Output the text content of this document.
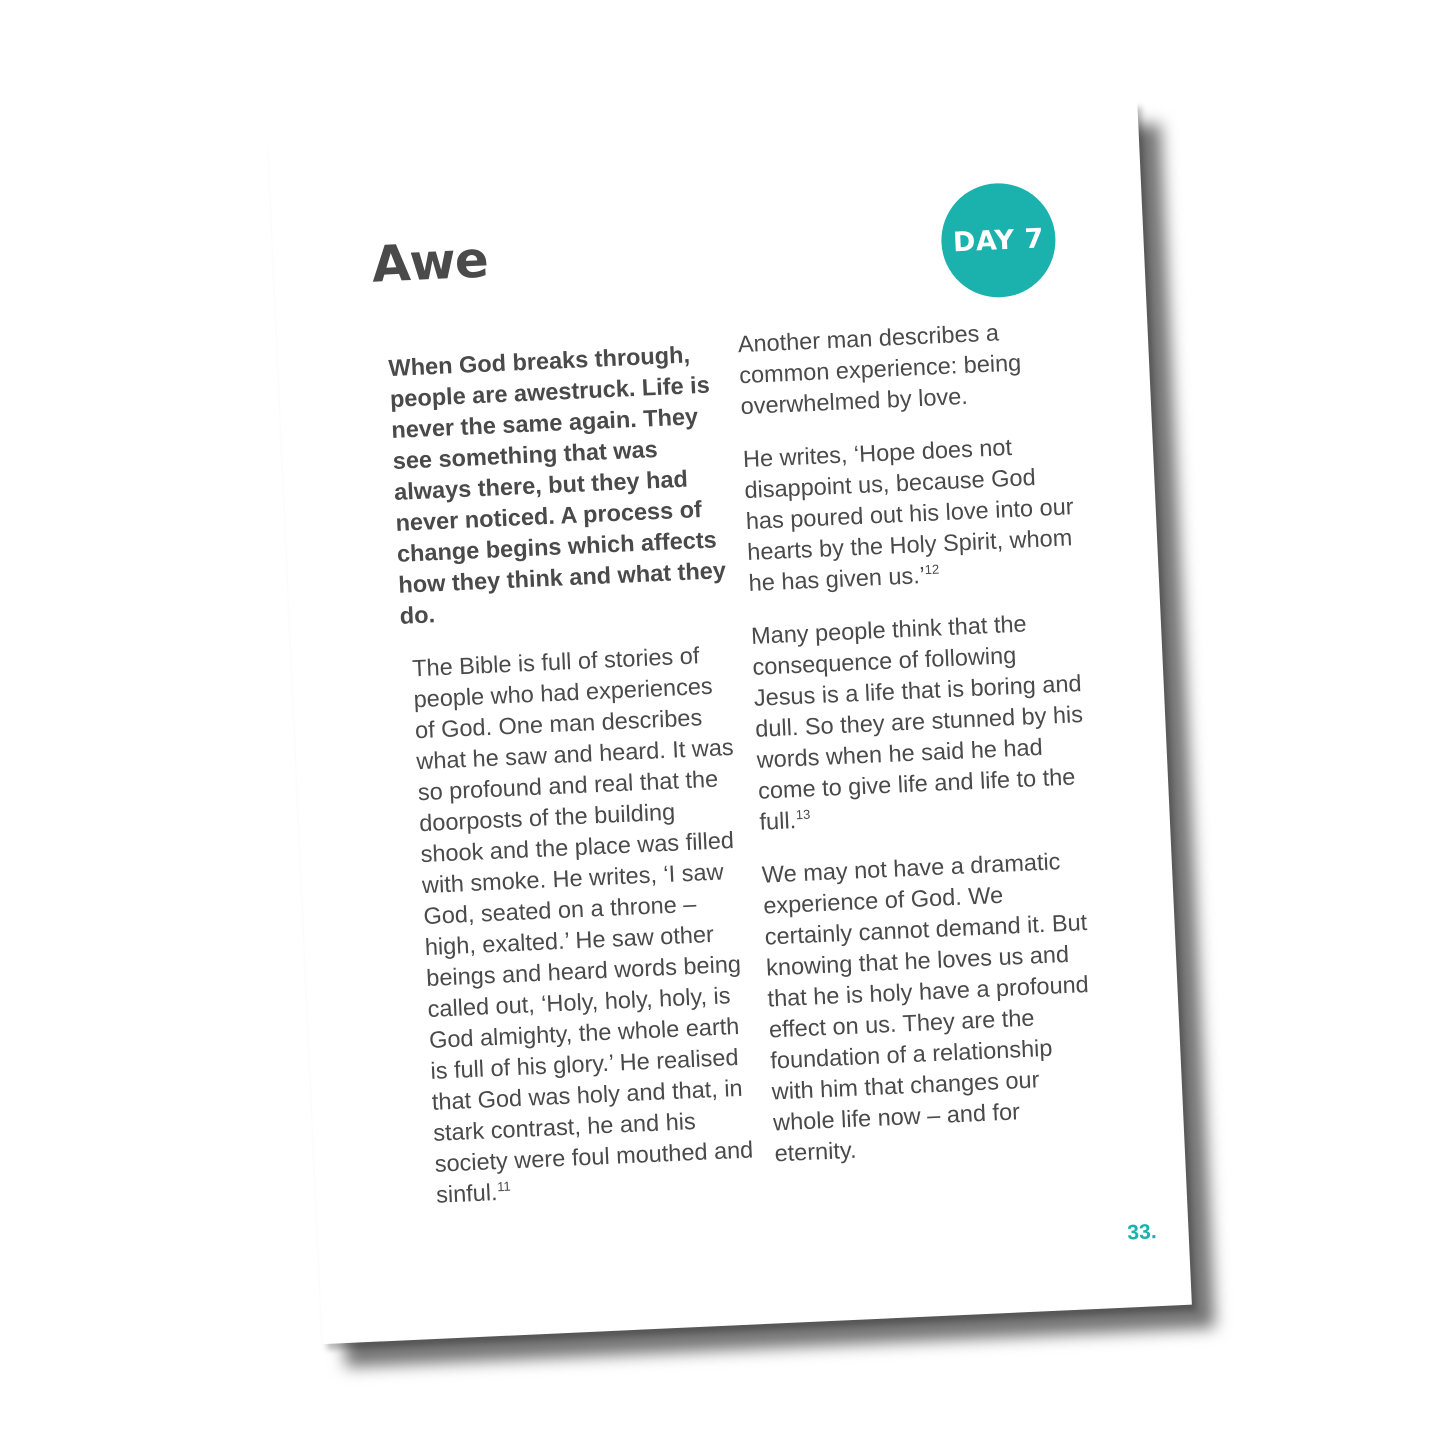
Awe	DAY 7

When God breaks through, people are awestruck. Life is never the same again. They see something that was always there, but they had never noticed. A process of change begins which affects how they think and what they do.

The Bible is full of stories of people who had experiences of God. One man describes what he saw and heard. It was so profound and real that the doorposts of the building shook and the place was filled with smoke. He writes, ‘I saw God, seated on a throne – high, exalted.’ He saw other beings and heard words being called out, ‘Holy, holy, holy, is God almighty, the whole earth is full of his glory.’ He realised that God was holy and that, in stark contrast, he and his society were foul mouthed and sinful.$^{11}$

Another man describes a common experience: being overwhelmed by love.

He writes, ‘Hope does not disappoint us, because God has poured out his love into our hearts by the Holy Spirit, whom he has given us.’$^{12}$

Many people think that the consequence of following Jesus is a life that is boring and dull. So they are stunned by his words when he said he had come to give life and life to the full.$^{13}$

We may not have a dramatic experience of God. We certainly cannot demand it. But knowing that he loves us and that he is holy have a profound effect on us. They are the foundation of a relationship with him that changes our whole life now – and for eternity.

33.
